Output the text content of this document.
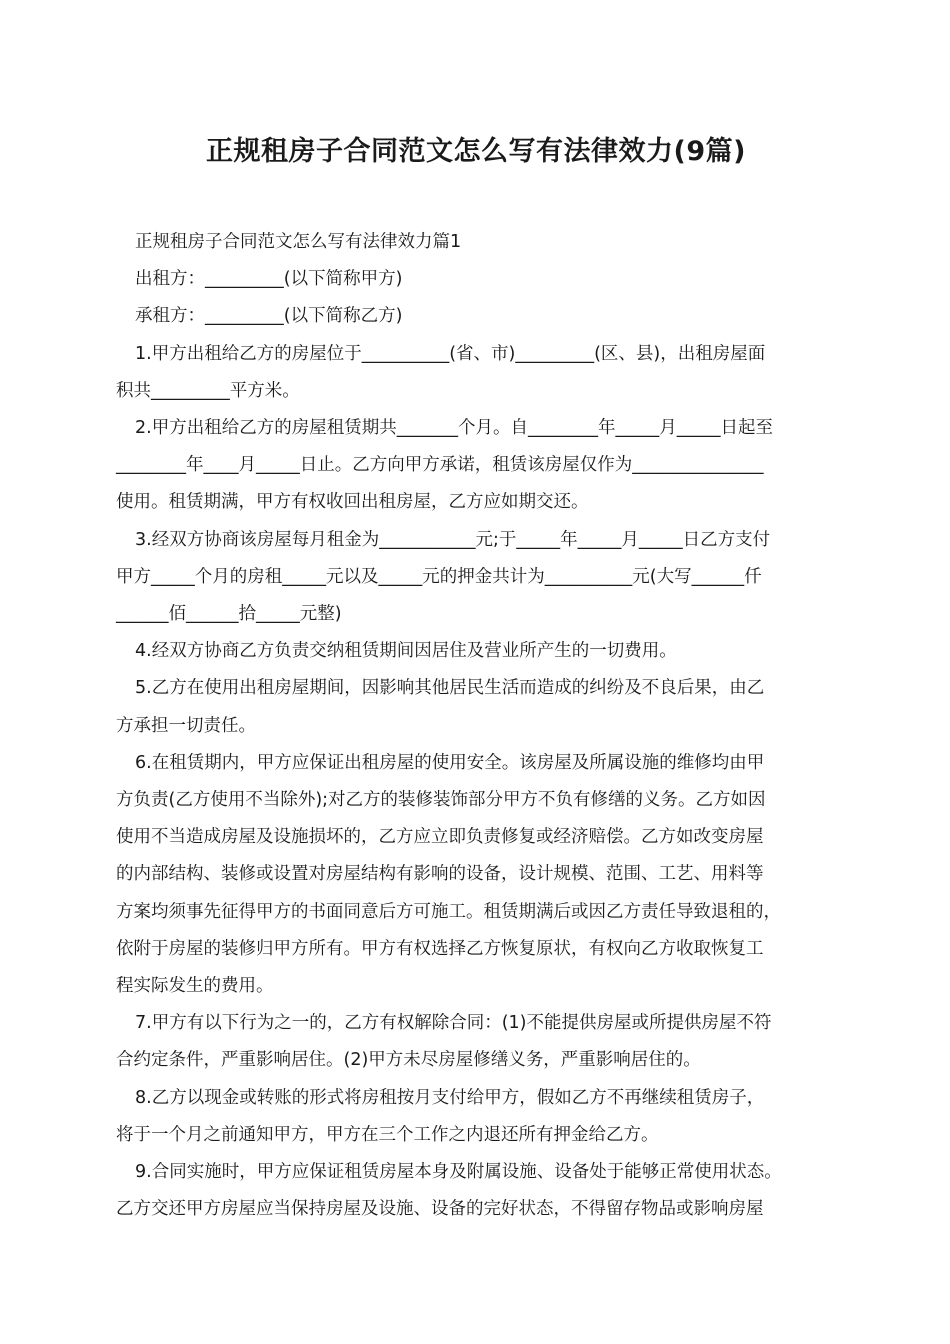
正规租房子合同范文怎么写有法律效力(9篇)

正规租房子合同范文怎么写有法律效力篇1

出租方：_________(以下简称甲方)

承租方：_________(以下简称乙方)

1.甲方出租给乙方的房屋位于__________(省、市)_________(区、县)，出租房屋面
积共_________平方米。

2.甲方出租给乙方的房屋租赁期共_______个月。自________年_____月_____日起至
________年____月_____日止。乙方向甲方承诺，租赁该房屋仅作为_______________
使用。租赁期满，甲方有权收回出租房屋，乙方应如期交还。

3.经双方协商该房屋每月租金为___________元;于_____年_____月_____日乙方支付
甲方_____个月的房租_____元以及_____元的押金共计为__________元(大写______仟
______佰______拾_____元整)

4.经双方协商乙方负责交纳租赁期间因居住及营业所产生的一切费用。

5.乙方在使用出租房屋期间，因影响其他居民生活而造成的纠纷及不良后果，由乙
方承担一切责任。

6.在租赁期内，甲方应保证出租房屋的使用安全。该房屋及所属设施的维修均由甲
方负责(乙方使用不当除外);对乙方的装修装饰部分甲方不负有修缮的义务。乙方如因
使用不当造成房屋及设施损坏的，乙方应立即负责修复或经济赔偿。乙方如改变房屋
的内部结构、装修或设置对房屋结构有影响的设备，设计规模、范围、工艺、用料等
方案均须事先征得甲方的书面同意后方可施工。租赁期满后或因乙方责任导致退租的，
依附于房屋的装修归甲方所有。甲方有权选择乙方恢复原状，有权向乙方收取恢复工
程实际发生的费用。

7.甲方有以下行为之一的，乙方有权解除合同：(1)不能提供房屋或所提供房屋不符
合约定条件，严重影响居住。(2)甲方未尽房屋修缮义务，严重影响居住的。

8.乙方以现金或转账的形式将房租按月支付给甲方，假如乙方不再继续租赁房子，
将于一个月之前通知甲方，甲方在三个工作之内退还所有押金给乙方。

9.合同实施时，甲方应保证租赁房屋本身及附属设施、设备处于能够正常使用状态。
乙方交还甲方房屋应当保持房屋及设施、设备的完好状态，不得留存物品或影响房屋
